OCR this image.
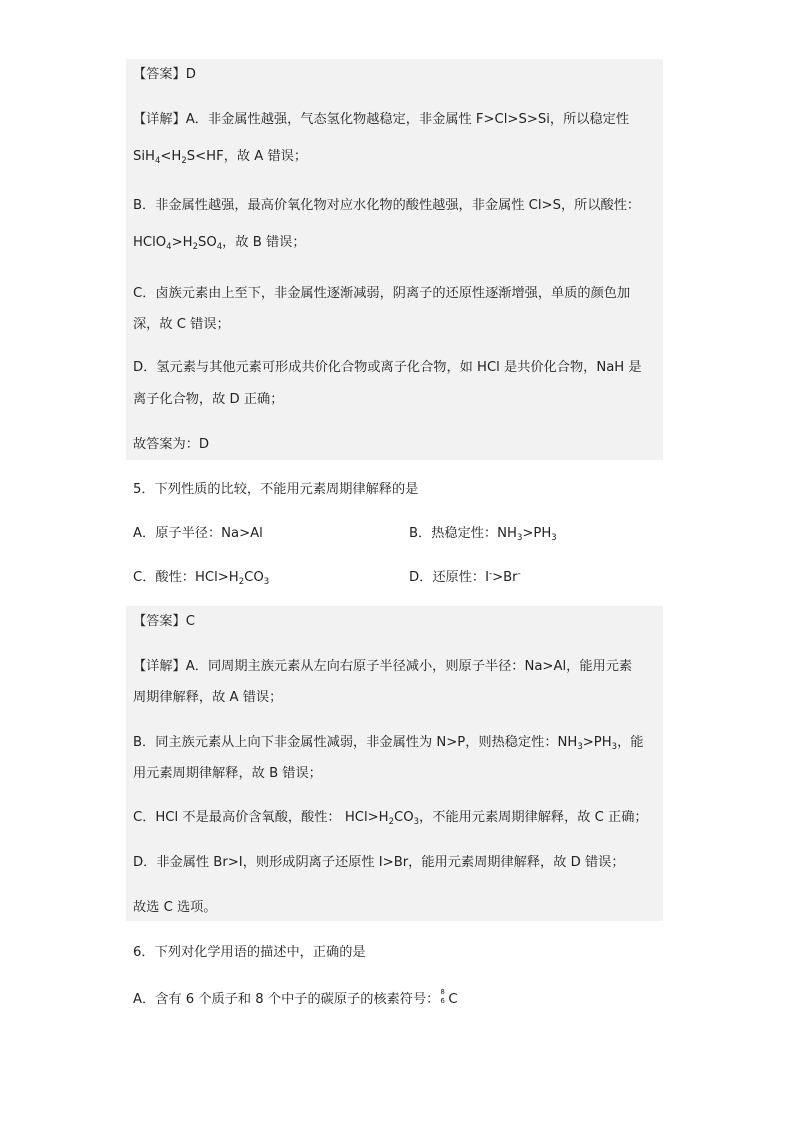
【答案】D
【详解】A．非金属性越强，气态氢化物越稳定，非金属性 F>Cl>S>Si，所以稳定性
$SiH_4<H_2S<HF$，故 A 错误；
B．非金属性越强，最高价氧化物对应水化物的酸性越强，非金属性 Cl>S，所以酸性：
$HClO_4>H_2SO_4$，故 B 错误；
C．卤族元素由上至下，非金属性逐渐减弱，阴离子的还原性逐渐增强，单质的颜色加
深，故 C 错误；
D．氢元素与其他元素可形成共价化合物或离子化合物，如 HCl 是共价化合物，NaH 是
离子化合物，故 D 正确；
故答案为：D
5．下列性质的比较，不能用元素周期律解释的是
A．原子半径：Na>Al	B．热稳定性：$NH_3>PH_3$
C．酸性：$HCl>H_2CO_3$	D．还原性：I->Br-
【答案】C
【详解】A．同周期主族元素从左向右原子半径减小，则原子半径：Na>Al，能用元素
周期律解释，故 A 错误；
B．同主族元素从上向下非金属性减弱，非金属性为 N>P，则热稳定性：$NH_3>PH_3$，能
用元素周期律解释，故 B 错误；
C．HCl 不是最高价含氧酸，酸性： $HCl>H_2CO_3$，不能用元素周期律解释，故 C 正确；
D．非金属性 Br>I，则形成阴离子还原性 I>Br，能用元素周期律解释，故 D 错误；
故选 C 选项。
6．下列对化学用语的描述中，正确的是
A．含有 6 个质子和 8 个中子的碳原子的核素符号： 8
6 C
